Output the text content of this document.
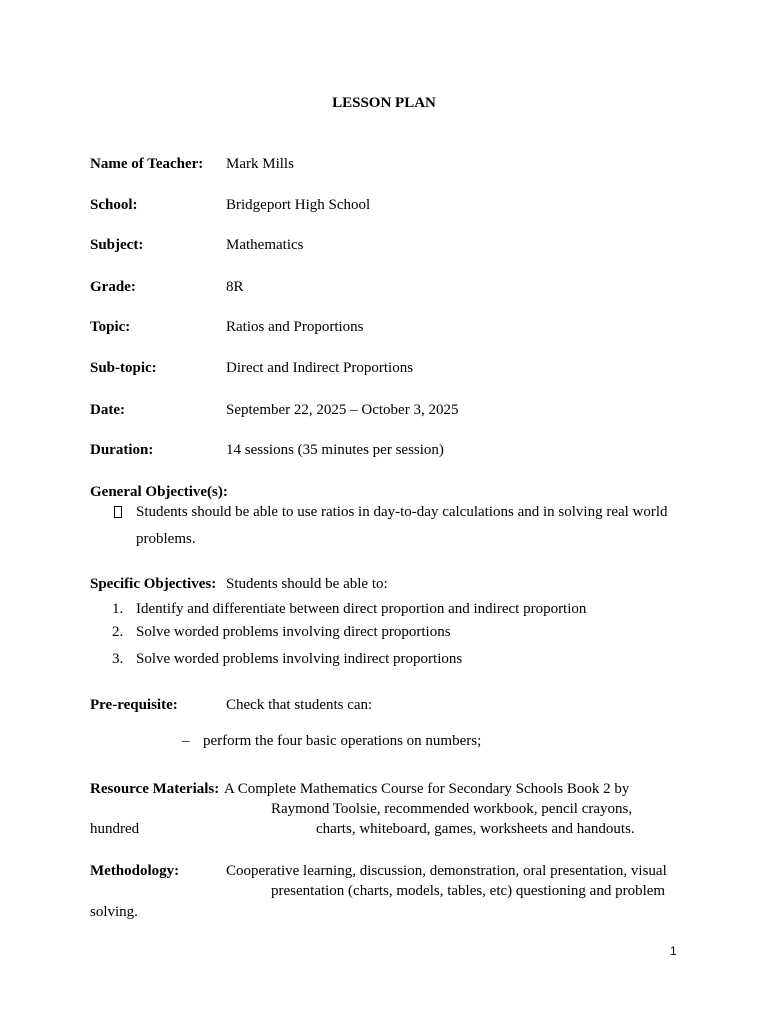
LESSON PLAN
Name of Teacher: Mark Mills
School:	Bridgeport High School
Subject:	Mathematics
Grade:	8R
Topic:	Ratios and Proportions
Sub-topic:	Direct and Indirect Proportions
Date:	September 22, 2025 – October 3, 2025
Duration:	14 sessions (35 minutes per session)
General Objective(s):
Students should be able to use ratios in day-to-day calculations and in solving real world
problems.
Specific Objectives: Students should be able to:
1. Identify and differentiate between direct proportion and indirect proportion
2. Solve worded problems involving direct proportions
3. Solve worded problems involving indirect proportions
Pre-requisite:	Check that students can:
– perform the four basic operations on numbers;
Resource Materials: A Complete Mathematics Course for Secondary Schools Book 2 by
Raymond Toolsie, recommended workbook, pencil crayons,
hundred	charts, whiteboard, games, worksheets and handouts.
Methodology:	Cooperative learning, discussion, demonstration, oral presentation, visual
presentation (charts, models, tables, etc) questioning and problem
solving.
1
